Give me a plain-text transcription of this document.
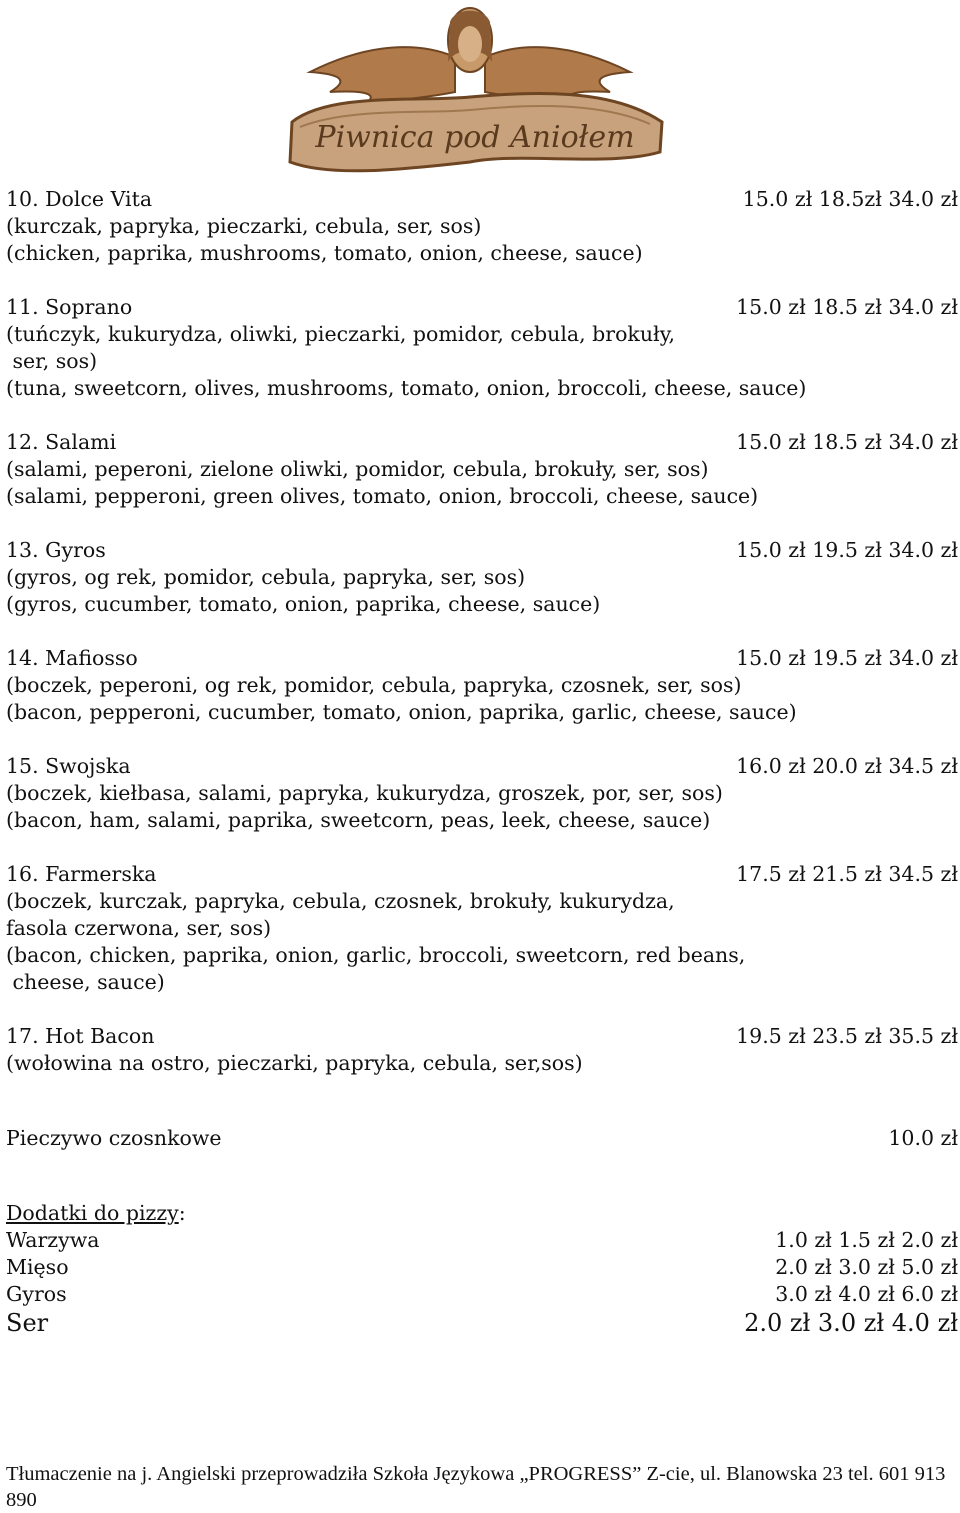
Piwnica pod Aniołem
10. Dolce Vita	15.0 zł 18.5zł 34.0 zł
(kurczak, papryka, pieczarki, cebula, ser, sos)
(chicken, paprika, mushrooms, tomato, onion, cheese, sauce)
11. Soprano	15.0 zł 18.5 zł 34.0 zł
(tuńczyk, kukurydza, oliwki, pieczarki, pomidor, cebula, brokuły,
ser, sos)
(tuna, sweetcorn, olives, mushrooms, tomato, onion, broccoli, cheese, sauce)
12. Salami	15.0 zł 18.5 zł 34.0 zł
(salami, peperoni, zielone oliwki, pomidor, cebula, brokuły, ser, sos)
(salami, pepperoni, green olives, tomato, onion, broccoli, cheese, sauce)
13. Gyros	15.0 zł 19.5 zł 34.0 zł
(gyros, og rek, pomidor, cebula, papryka, ser, sos)
(gyros, cucumber, tomato, onion, paprika, cheese, sauce)
14. Mafiosso	15.0 zł 19.5 zł 34.0 zł
(boczek, peperoni, og rek, pomidor, cebula, papryka, czosnek, ser, sos)
(bacon, pepperoni, cucumber, tomato, onion, paprika, garlic, cheese, sauce)
15. Swojska	16.0 zł 20.0 zł 34.5 zł
(boczek, kiełbasa, salami, papryka, kukurydza, groszek, por, ser, sos)
(bacon, ham, salami, paprika, sweetcorn, peas, leek, cheese, sauce)
16. Farmerska	17.5 zł 21.5 zł 34.5 zł
(boczek, kurczak, papryka, cebula, czosnek, brokuły, kukurydza,
fasola czerwona, ser, sos)
(bacon, chicken, paprika, onion, garlic, broccoli, sweetcorn, red beans,
cheese, sauce)
17. Hot Bacon	19.5 zł 23.5 zł 35.5 zł
(wołowina na ostro, pieczarki, papryka, cebula, ser,sos)
Pieczywo czosnkowe	10.0 zł
Dodatki do pizzy:
Warzywa	1.0 zł 1.5 zł 2.0 zł
Mięso	2.0 zł 3.0 zł 5.0 zł
Gyros	3.0 zł 4.0 zł 6.0 zł
Ser	2.0 zł 3.0 zł 4.0 zł
Tłumaczenie na j. Angielski przeprowadziła Szkoła Językowa „PROGRESS” Z-cie, ul. Blanowska 23 tel. 601 913 890
